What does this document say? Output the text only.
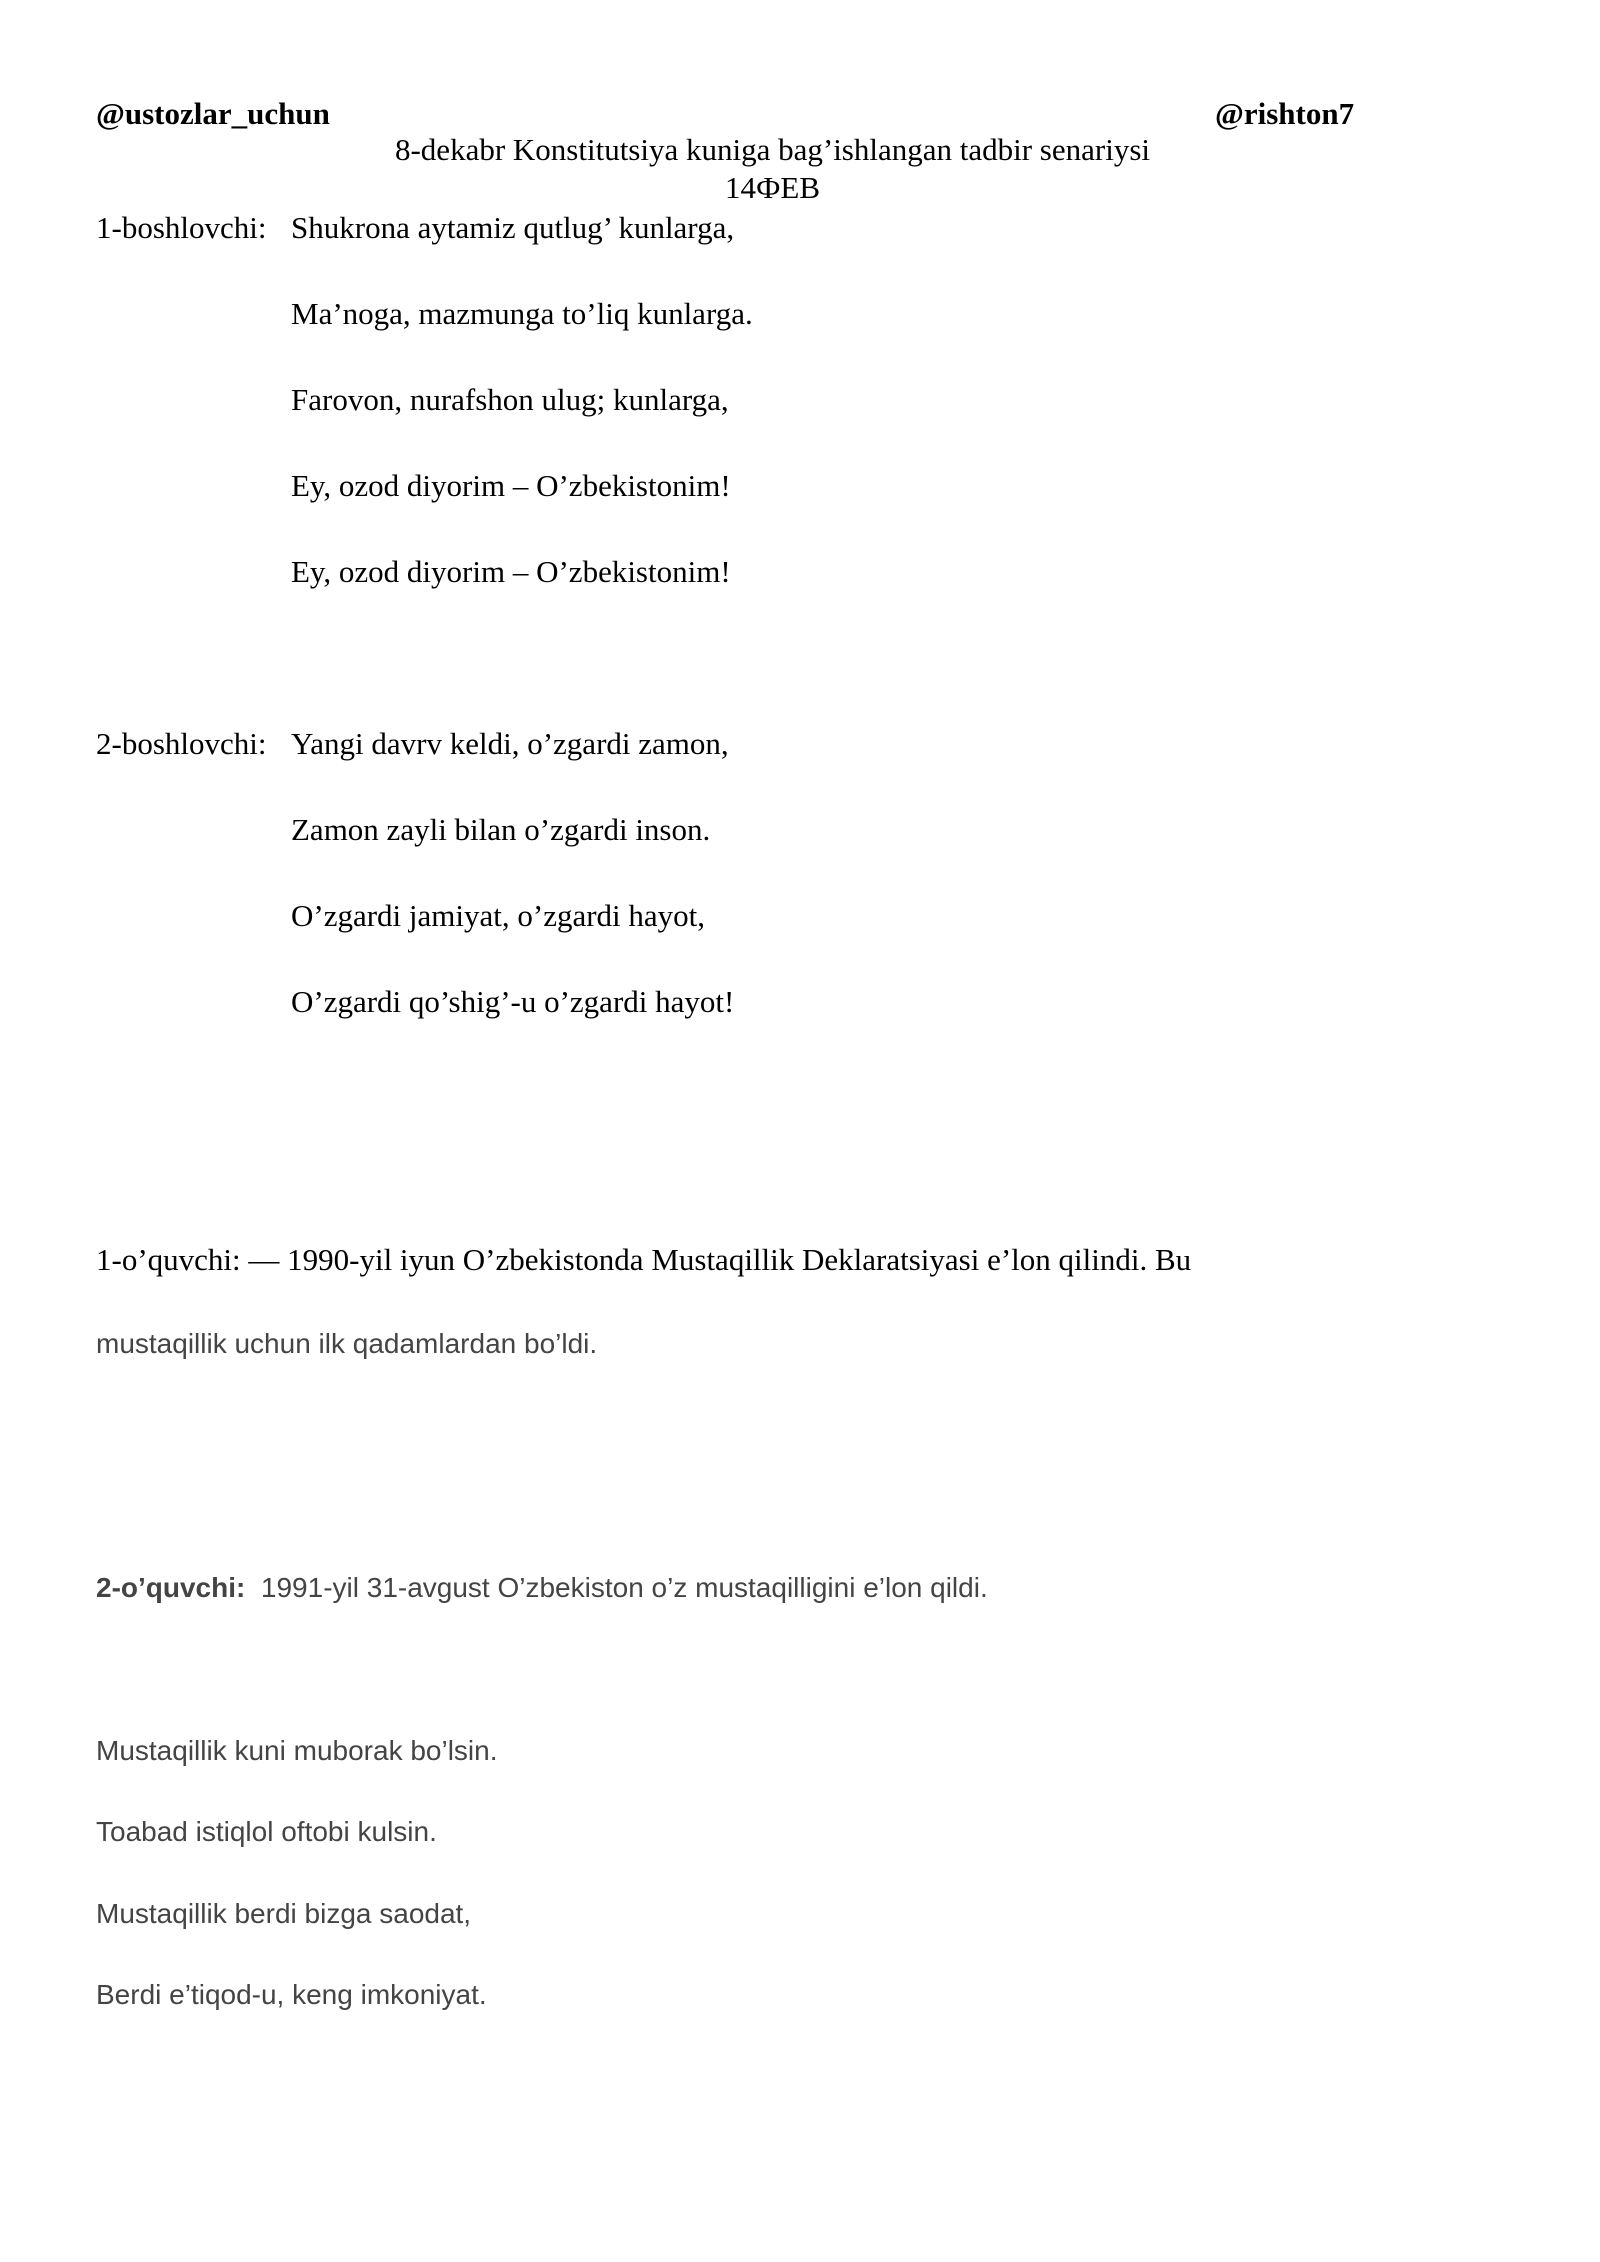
@ustozlar_uchun	@rishton7
8-dekabr Konstitutsiya kuniga bag’ishlangan tadbir senariysi
14ФЕВ
1-boshlovchi: Shukrona aytamiz qutlug’ kunlarga,
Ma’noga, mazmunga to’liq kunlarga.
Farovon, nurafshon ulug; kunlarga,
Ey, ozod diyorim – O’zbekistonim!
Ey, ozod diyorim – O’zbekistonim!
2-boshlovchi: Yangi davrv keldi, o’zgardi zamon,
Zamon zayli bilan o’zgardi inson.
O’zgardi jamiyat, o’zgardi hayot,
O’zgardi qo’shig’-u o’zgardi hayot!
1-o’quvchi: — 1990-yil iyun O’zbekistonda Mustaqillik Deklaratsiyasi e’lon qilindi. Bu
mustaqillik uchun ilk qadamlardan bo’ldi.
2-o’quvchi: 1991-yil 31-avgust O’zbekiston o’z mustaqilligini e’lon qildi.
Mustaqillik kuni muborak bo’lsin.
Toabad istiqlol oftobi kulsin.
Mustaqillik berdi bizga saodat,
Berdi e’tiqod-u, keng imkoniyat.
